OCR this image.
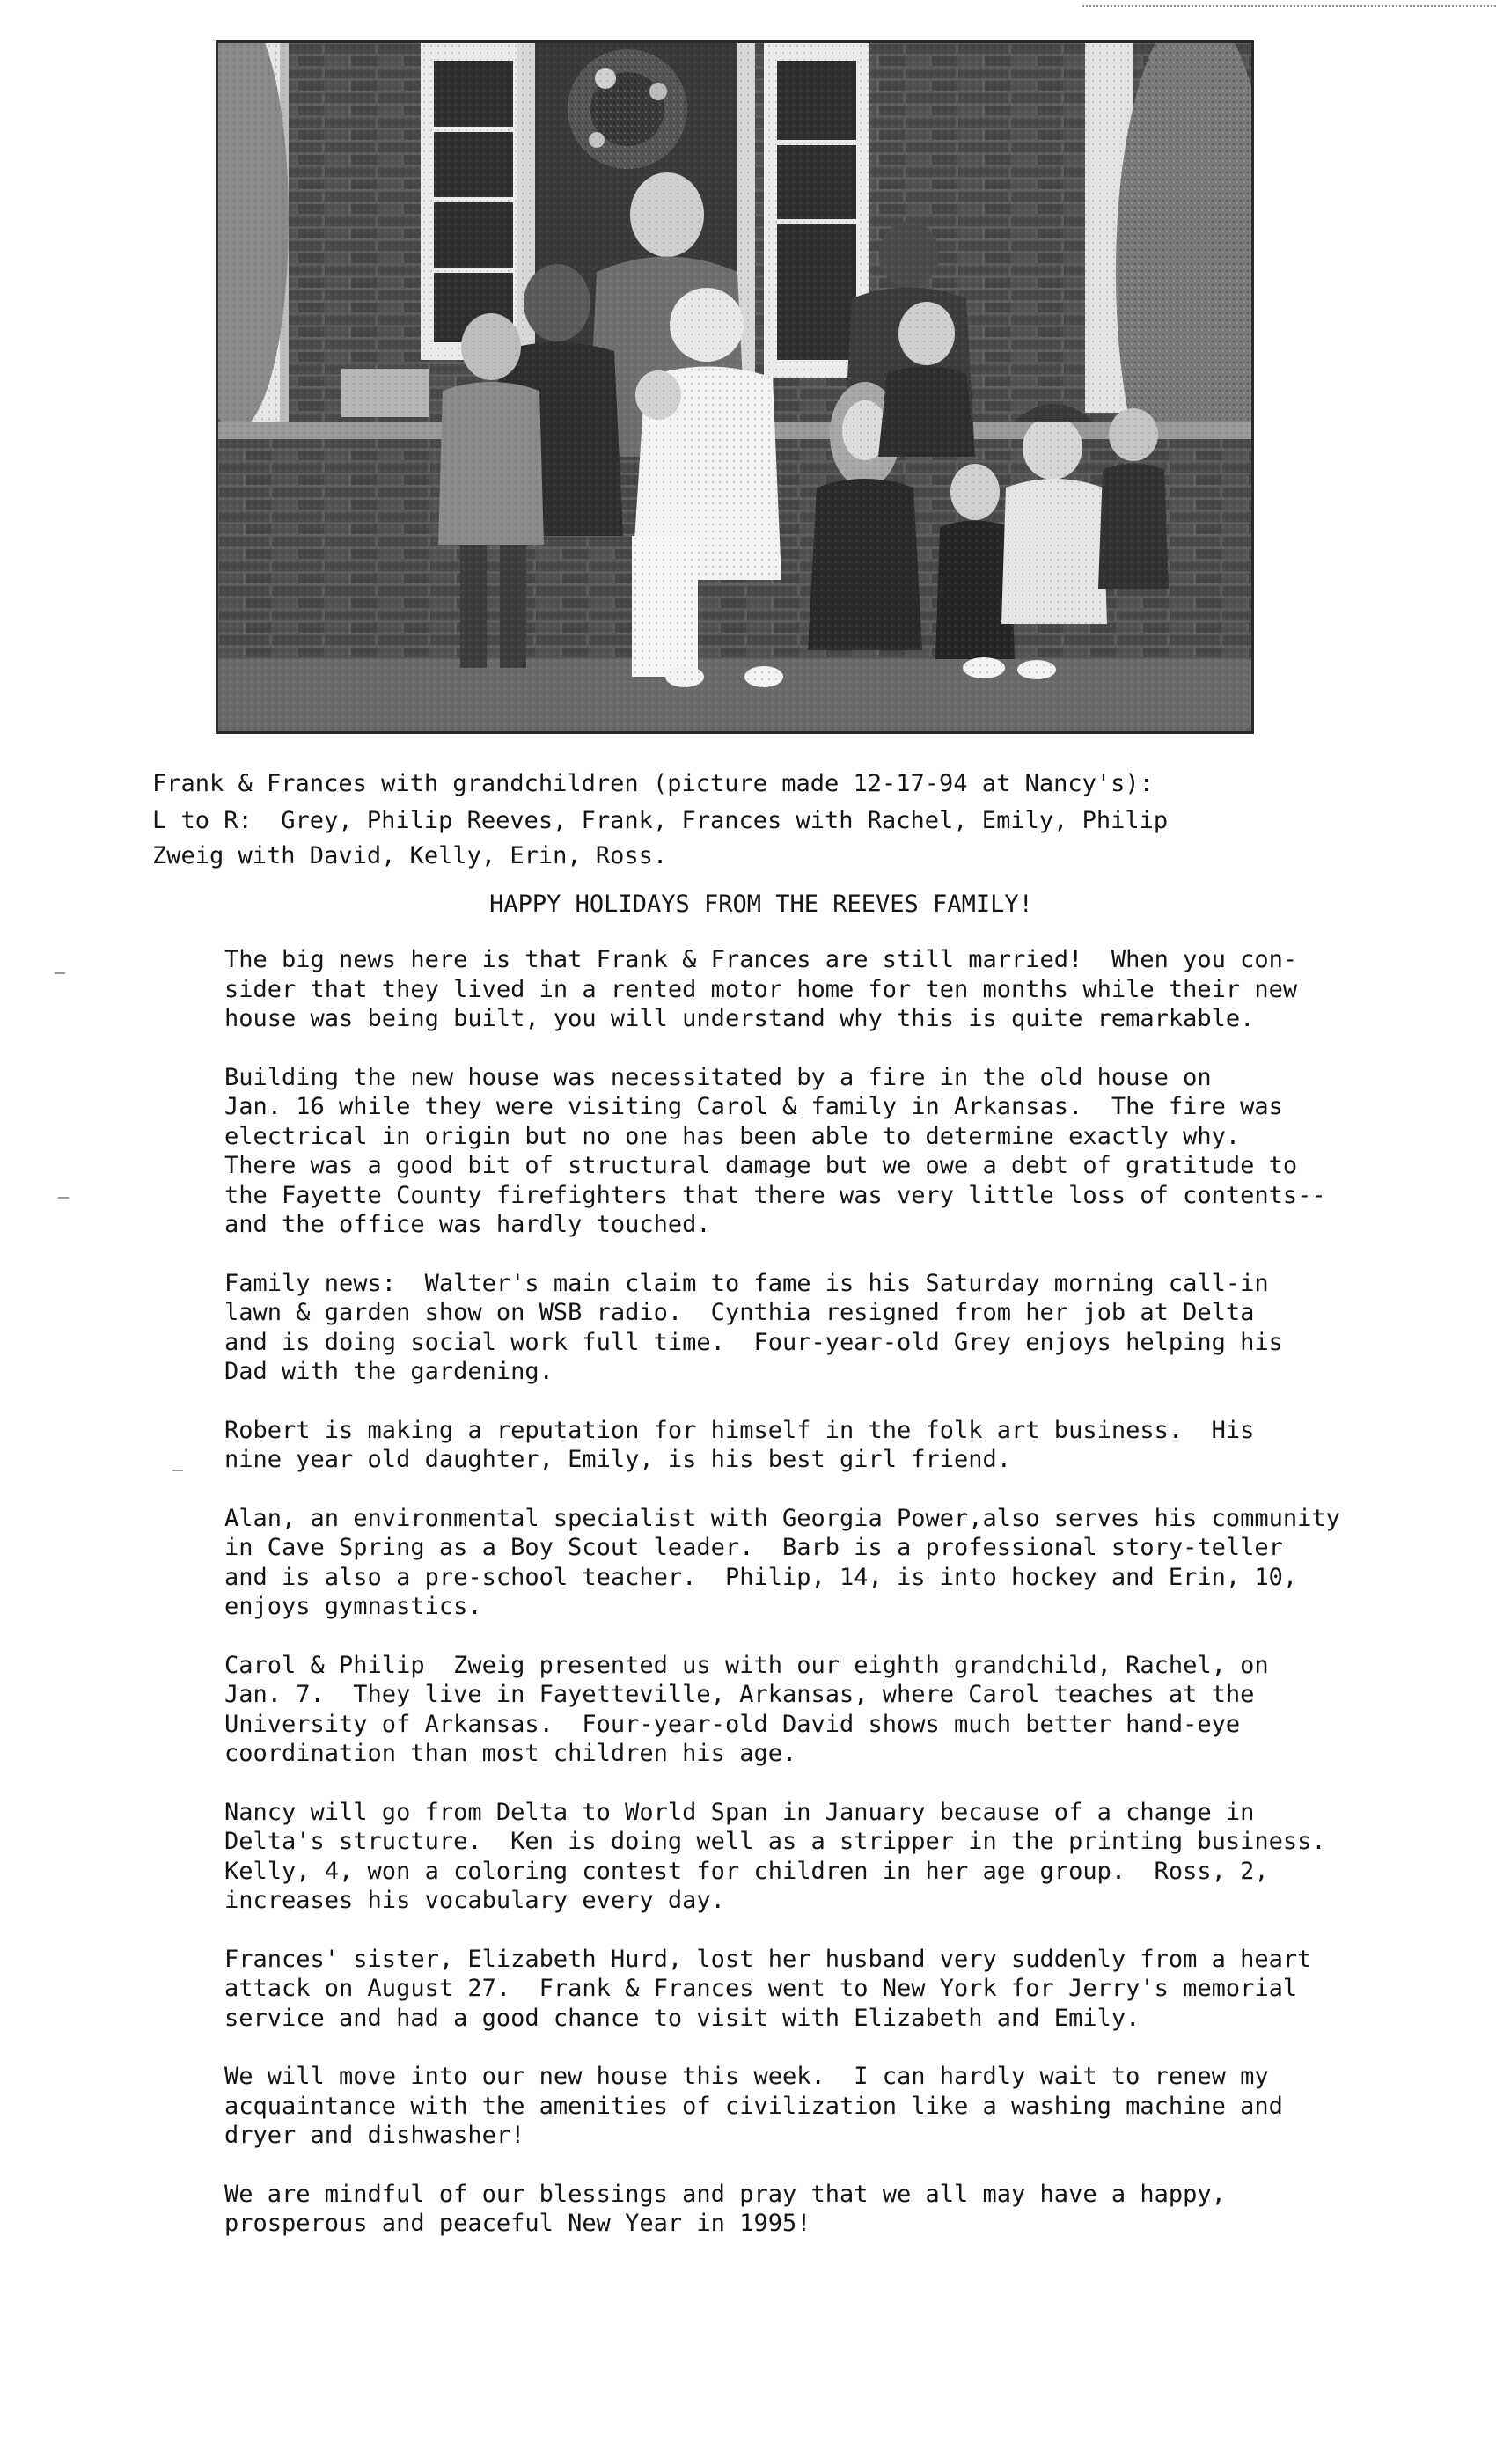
Frank & Frances with grandchildren (picture made 12-17-94 at Nancy's):
L to R:  Grey, Philip Reeves, Frank, Frances with Rachel, Emily, Philip
Zweig with David, Kelly, Erin, Ross.
HAPPY HOLIDAYS FROM THE REEVES FAMILY!
The big news here is that Frank & Frances are still married!  When you con-
sider that they lived in a rented motor home for ten months while their new
house was being built, you will understand why this is quite remarkable.
Building the new house was necessitated by a fire in the old house on
Jan. 16 while they were visiting Carol & family in Arkansas.  The fire was
electrical in origin but no one has been able to determine exactly why.
There was a good bit of structural damage but we owe a debt of gratitude to
the Fayette County firefighters that there was very little loss of contents--
and the office was hardly touched.
Family news:  Walter's main claim to fame is his Saturday morning call-in
lawn & garden show on WSB radio.  Cynthia resigned from her job at Delta
and is doing social work full time.  Four-year-old Grey enjoys helping his
Dad with the gardening.
Robert is making a reputation for himself in the folk art business.  His
nine year old daughter, Emily, is his best girl friend.
Alan, an environmental specialist with Georgia Power,also serves his community
in Cave Spring as a Boy Scout leader.  Barb is a professional story-teller
and is also a pre-school teacher.  Philip, 14, is into hockey and Erin, 10,
enjoys gymnastics.
Carol & Philip  Zweig presented us with our eighth grandchild, Rachel, on
Jan. 7.  They live in Fayetteville, Arkansas, where Carol teaches at the
University of Arkansas.  Four-year-old David shows much better hand-eye
coordination than most children his age.
Nancy will go from Delta to World Span in January because of a change in
Delta's structure.  Ken is doing well as a stripper in the printing business.
Kelly, 4, won a coloring contest for children in her age group.  Ross, 2,
increases his vocabulary every day.
Frances' sister, Elizabeth Hurd, lost her husband very suddenly from a heart
attack on August 27.  Frank & Frances went to New York for Jerry's memorial
service and had a good chance to visit with Elizabeth and Emily.
We will move into our new house this week.  I can hardly wait to renew my
acquaintance with the amenities of civilization like a washing machine and
dryer and dishwasher!
We are mindful of our blessings and pray that we all may have a happy,
prosperous and peaceful New Year in 1995!
